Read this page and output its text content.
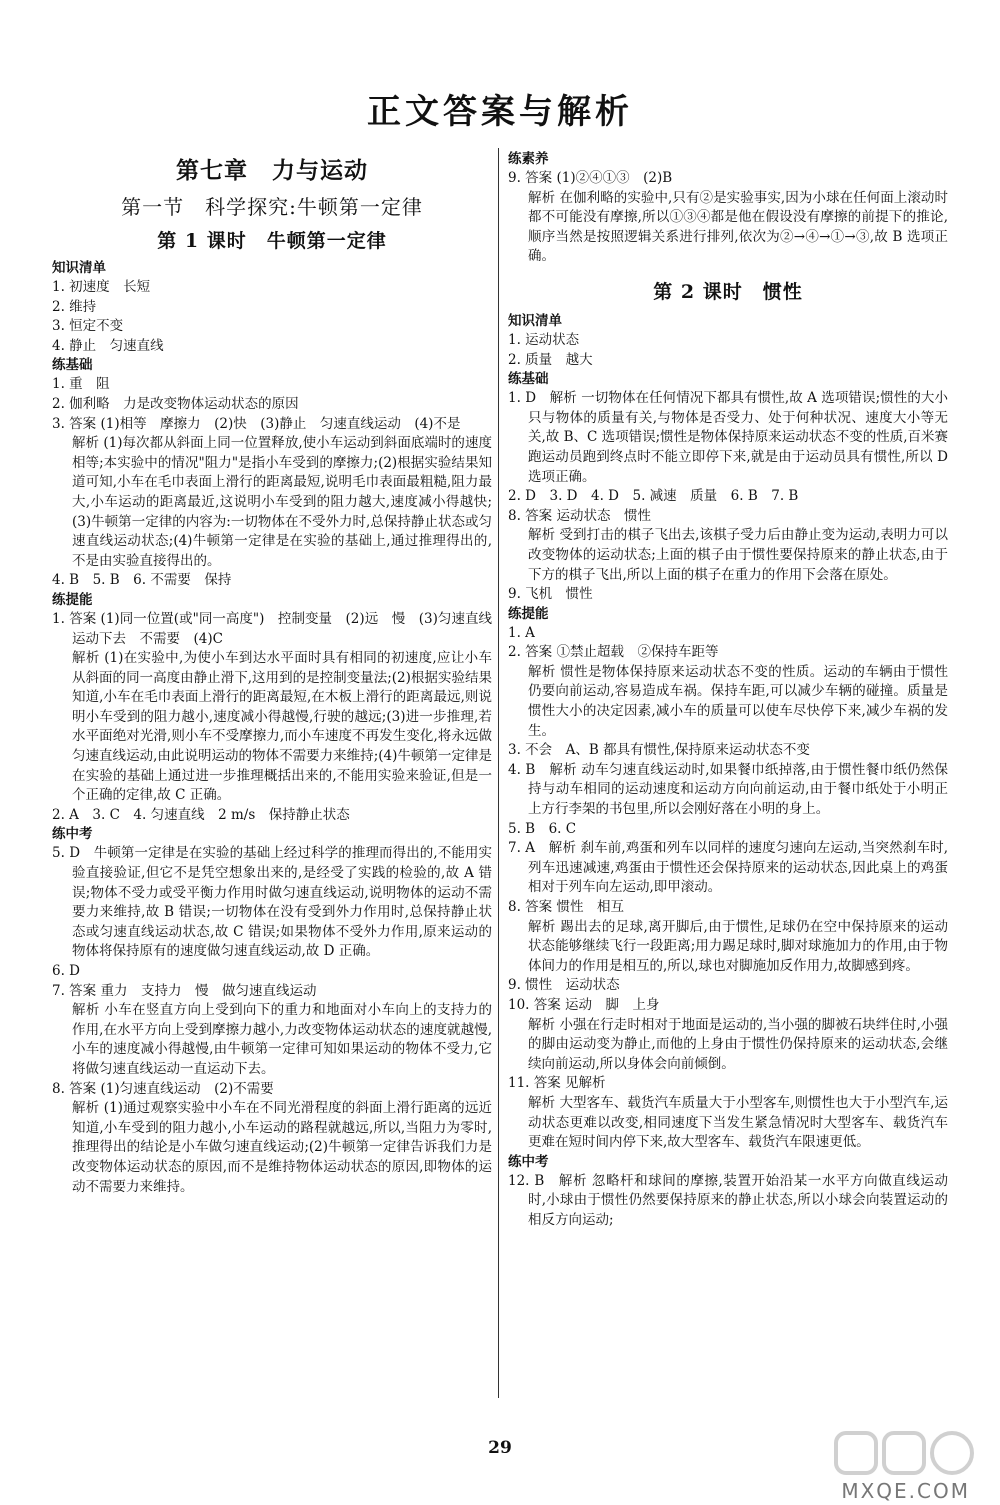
正文答案与解析
第七章　力与运动
第一节　科学探究:牛顿第一定律
第 1 课时　牛顿第一定律
知识清单
1. 初速度　长短
2. 维持
3. 恒定不变
4. 静止　匀速直线
练基础
1. 重　阻
2. 伽利略　力是改变物体运动状态的原因
3. 答案 (1)相等　摩擦力　(2)快　(3)静止　匀速直线运动　(4)不是
解析 (1)每次都从斜面上同一位置释放,使小车运动到斜面底端时的速度相等;本实验中的情况"阻力"是指小车受到的摩擦力;(2)根据实验结果知道可知,小车在毛巾表面上滑行的距离最短,说明毛巾表面最粗糙,阻力最大,小车运动的距离最近,这说明小车受到的阻力越大,速度减小得越快;(3)牛顿第一定律的内容为:一切物体在不受外力时,总保持静止状态或匀速直线运动状态;(4)牛顿第一定律是在实验的基础上,通过推理得出的,不是由实验直接得出的。
4. B　5. B　6. 不需要　保持
练提能
1. 答案 (1)同一位置(或"同一高度")　控制变量　(2)远　慢　(3)匀速直线运动下去　不需要　(4)C
解析 (1)在实验中,为使小车到达水平面时具有相同的初速度,应让小车从斜面的同一高度由静止滑下,这用到的是控制变量法;(2)根据实验结果知道,小车在毛巾表面上滑行的距离最短,在木板上滑行的距离最远,则说明小车受到的阻力越小,速度减小得越慢,行驶的越远;(3)进一步推理,若水平面绝对光滑,则小车不受摩擦力,而小车速度不再发生变化,将永远做匀速直线运动,由此说明运动的物体不需要力来维持;(4)牛顿第一定律是在实验的基础上通过进一步推理概括出来的,不能用实验来验证,但是一个正确的定律,故 C 正确。
2. A　3. C　4. 匀速直线　2 m/s　保持静止状态
练中考
5. D　牛顿第一定律是在实验的基础上经过科学的推理而得出的,不能用实验直接验证,但它不是凭空想象出来的,是经受了实践的检验的,故 A 错误;物体不受力或受平衡力作用时做匀速直线运动,说明物体的运动不需要力来维持,故 B 错误;一切物体在没有受到外力作用时,总保持静止状态或匀速直线运动状态,故 C 错误;如果物体不受外力作用,原来运动的物体将保持原有的速度做匀速直线运动,故 D 正确。
6. D
7. 答案 重力　支持力　慢　做匀速直线运动
解析 小车在竖直方向上受到向下的重力和地面对小车向上的支持力的作用,在水平方向上受到摩擦力越小,力改变物体运动状态的速度就越慢,小车的速度减小得越慢,由牛顿第一定律可知如果运动的物体不受力,它将做匀速直线运动一直运动下去。
8. 答案 (1)匀速直线运动　(2)不需要
解析 (1)通过观察实验中小车在不同光滑程度的斜面上滑行距离的远近知道,小车受到的阻力越小,小车运动的路程就越远,所以,当阻力为零时,推理得出的结论是小车做匀速直线运动;(2)牛顿第一定律告诉我们力是改变物体运动状态的原因,而不是维持物体运动状态的原因,即物体的运动不需要力来维持。
练素养
9. 答案 (1)②④①③　(2)B
解析 在伽利略的实验中,只有②是实验事实,因为小球在任何面上滚动时都不可能没有摩擦,所以①③④都是他在假设没有摩擦的前提下的推论,顺序当然是按照逻辑关系进行排列,依次为②→④→①→③,故 B 选项正确。
第 2 课时　惯性
知识清单
1. 运动状态
2. 质量　越大
练基础
1. D　解析 一切物体在任何情况下都具有惯性,故 A 选项错误;惯性的大小只与物体的质量有关,与物体是否受力、处于何种状况、速度大小等无关,故 B、C 选项错误;惯性是物体保持原来运动状态不变的性质,百米赛跑运动员跑到终点时不能立即停下来,就是由于运动员具有惯性,所以 D 选项正确。
2. D　3. D　4. D　5. 减速　质量　6. B　7. B
8. 答案 运动状态　惯性
解析 受到打击的棋子飞出去,该棋子受力后由静止变为运动,表明力可以改变物体的运动状态;上面的棋子由于惯性要保持原来的静止状态,由于下方的棋子飞出,所以上面的棋子在重力的作用下会落在原处。
9. 飞机　惯性
练提能
1. A
2. 答案 ①禁止超载　②保持车距等
解析 惯性是物体保持原来运动状态不变的性质。运动的车辆由于惯性仍要向前运动,容易造成车祸。保持车距,可以减少车辆的碰撞。质量是惯性大小的决定因素,减小车的质量可以使车尽快停下来,减少车祸的发生。
3. 不会　A、B 都具有惯性,保持原来运动状态不变
4. B　解析 动车匀速直线运动时,如果餐巾纸掉落,由于惯性餐巾纸仍然保持与动车相同的运动速度和运动方向向前运动,由于餐巾纸处于小明正上方行李架的书包里,所以会刚好落在小明的身上。
5. B　6. C
7. A　解析 刹车前,鸡蛋和列车以同样的速度匀速向左运动,当突然刹车时,列车迅速减速,鸡蛋由于惯性还会保持原来的运动状态,因此桌上的鸡蛋相对于列车向左运动,即甲滚动。
8. 答案 惯性　相互
解析 踢出去的足球,离开脚后,由于惯性,足球仍在空中保持原来的运动状态能够继续飞行一段距离;用力踢足球时,脚对球施加力的作用,由于物体间力的作用是相互的,所以,球也对脚施加反作用力,故脚感到疼。
9. 惯性　运动状态
10. 答案 运动　脚　上身
解析 小强在行走时相对于地面是运动的,当小强的脚被石块绊住时,小强的脚由运动变为静止,而他的上身由于惯性仍保持原来的运动状态,会继续向前运动,所以身体会向前倾倒。
11. 答案 见解析
解析 大型客车、载货汽车质量大于小型客车,则惯性也大于小型汽车,运动状态更难以改变,相同速度下当发生紧急情况时大型客车、载货汽车更难在短时间内停下来,故大型客车、载货汽车限速更低。
练中考
12. B　解析 忽略杆和球间的摩擦,装置开始沿某一水平方向做直线运动时,小球由于惯性仍然要保持原来的静止状态,所以小球会向装置运动的相反方向运动;
29
MXQE.COM
